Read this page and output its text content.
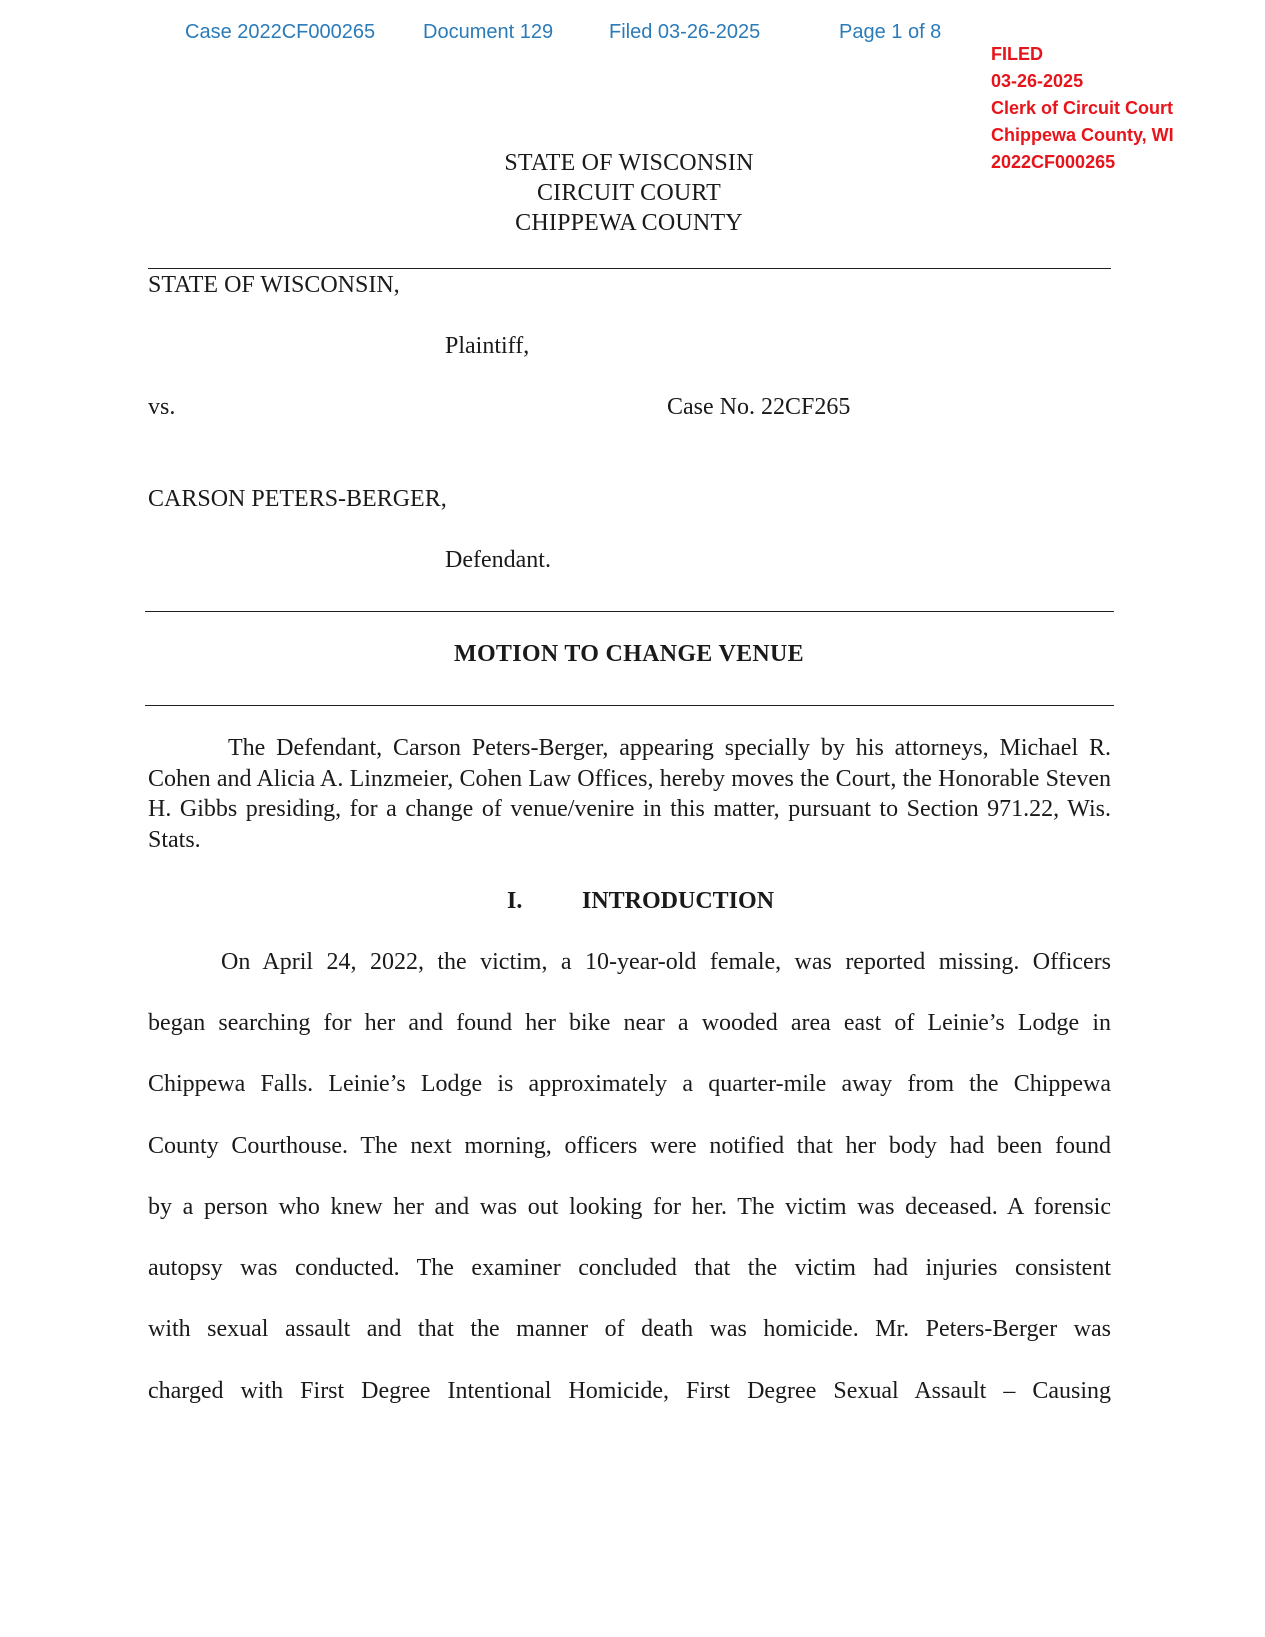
Case 2022CF000265 Document 129	Filed 03-26-2025	Page 1 of 8
FILED
03-26-2025
Clerk of Circuit Court
Chippewa County, WI
2022CF000265
STATE OF WISCONSIN
CIRCUIT COURT
CHIPPEWA COUNTY
STATE OF WISCONSIN,
Plaintiff,
vs.	Case No. 22CF265
CARSON PETERS-BERGER,
Defendant.
MOTION TO CHANGE VENUE
The Defendant, Carson Peters-Berger, appearing specially by his attorneys, Michael R. Cohen and Alicia A. Linzmeier, Cohen Law Offices, hereby moves the Court, the Honorable Steven H. Gibbs presiding, for a change of venue/venire in this matter, pursuant to Section 971.22, Wis. Stats.
I. INTRODUCTION
On April 24, 2022, the victim, a 10-year-old female, was reported missing. Officers
began searching for her and found her bike near a wooded area east of Leinie’s Lodge in
Chippewa Falls. Leinie’s Lodge is approximately a quarter-mile away from the Chippewa
County Courthouse. The next morning, officers were notified that her body had been found
by a person who knew her and was out looking for her. The victim was deceased. A forensic
autopsy was conducted. The examiner concluded that the victim had injuries consistent
with sexual assault and that the manner of death was homicide. Mr. Peters-Berger was
charged with First Degree Intentional Homicide, First Degree Sexual Assault – Causing
